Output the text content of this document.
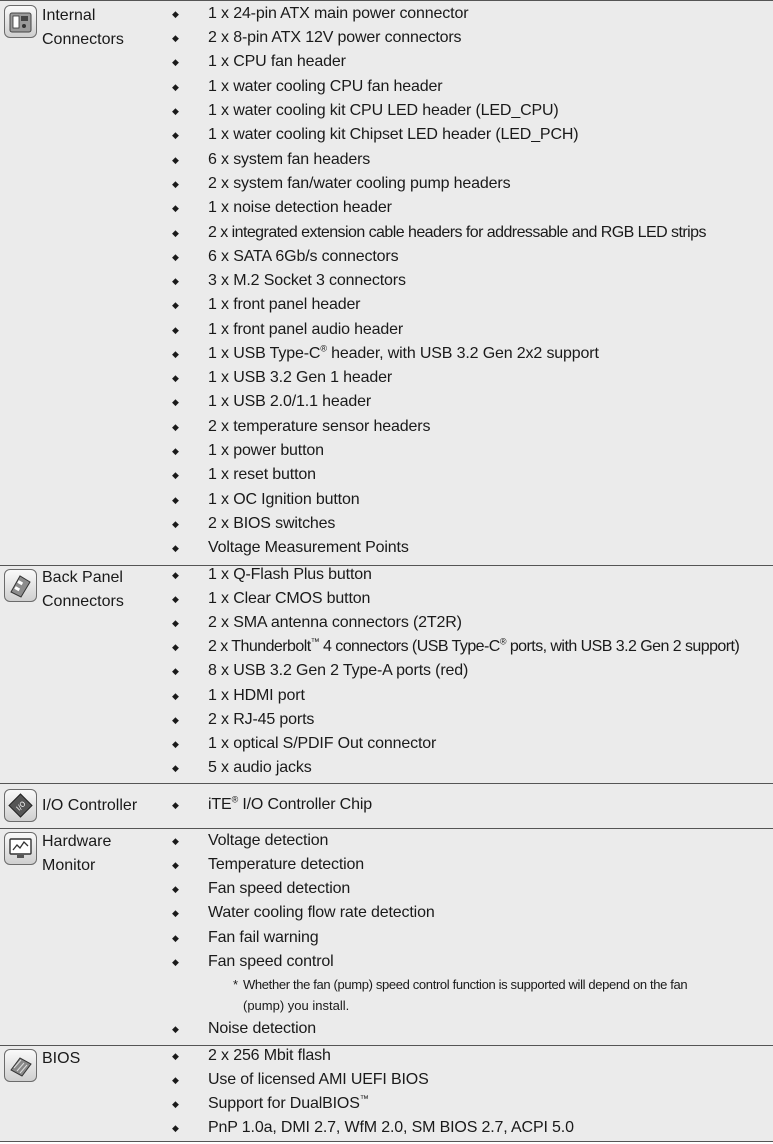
Internal
Connectors
Back Panel
Connectors
I/O I/O Controller
Hardware
Monitor
BIOS
◆ 1 x 24-pin ATX main power connector
◆ 2 x 8-pin ATX 12V power connectors
◆ 1 x CPU fan header
◆ 1 x water cooling CPU fan header
◆ 1 x water cooling kit CPU LED header (LED_CPU)
◆ 1 x water cooling kit Chipset LED header (LED_PCH)
◆ 6 x system fan headers
◆ 2 x system fan/water cooling pump headers
◆ 1 x noise detection header
◆ 2 x integrated extension cable headers for addressable and RGB LED strips
◆ 6 x SATA 6Gb/s connectors
◆ 3 x M.2 Socket 3 connectors
◆ 1 x front panel header
◆ 1 x front panel audio header
◆ 1 x USB Type-C® header, with USB 3.2 Gen 2x2 support
◆ 1 x USB 3.2 Gen 1 header
◆ 1 x USB 2.0/1.1 header
◆ 2 x temperature sensor headers
◆ 1 x power button
◆ 1 x reset button
◆ 1 x OC Ignition button
◆ 2 x BIOS switches
◆ Voltage Measurement Points
◆ 1 x Q-Flash Plus button
◆ 1 x Clear CMOS button
◆ 2 x SMA antenna connectors (2T2R)
◆ 2 x Thunderbolt™ 4 connectors (USB Type-C® ports, with USB 3.2 Gen 2 support)
◆ 8 x USB 3.2 Gen 2 Type-A ports (red)
◆ 1 x HDMI port
◆ 2 x RJ-45 ports
◆ 1 x optical S/PDIF Out connector
◆ 5 x audio jacks
◆ iTE® I/O Controller Chip
◆ Voltage detection
◆ Temperature detection
◆ Fan speed detection
◆ Water cooling flow rate detection
◆ Fan fail warning
◆ Fan speed control
◆ Noise detection
◆ 2 x 256 Mbit flash
◆ Use of licensed AMI UEFI BIOS
◆ Support for DualBIOS™
◆ PnP 1.0a, DMI 2.7, WfM 2.0, SM BIOS 2.7, ACPI 5.0
* Whether the fan (pump) speed control function is supported will depend on the fan
(pump) you install.
